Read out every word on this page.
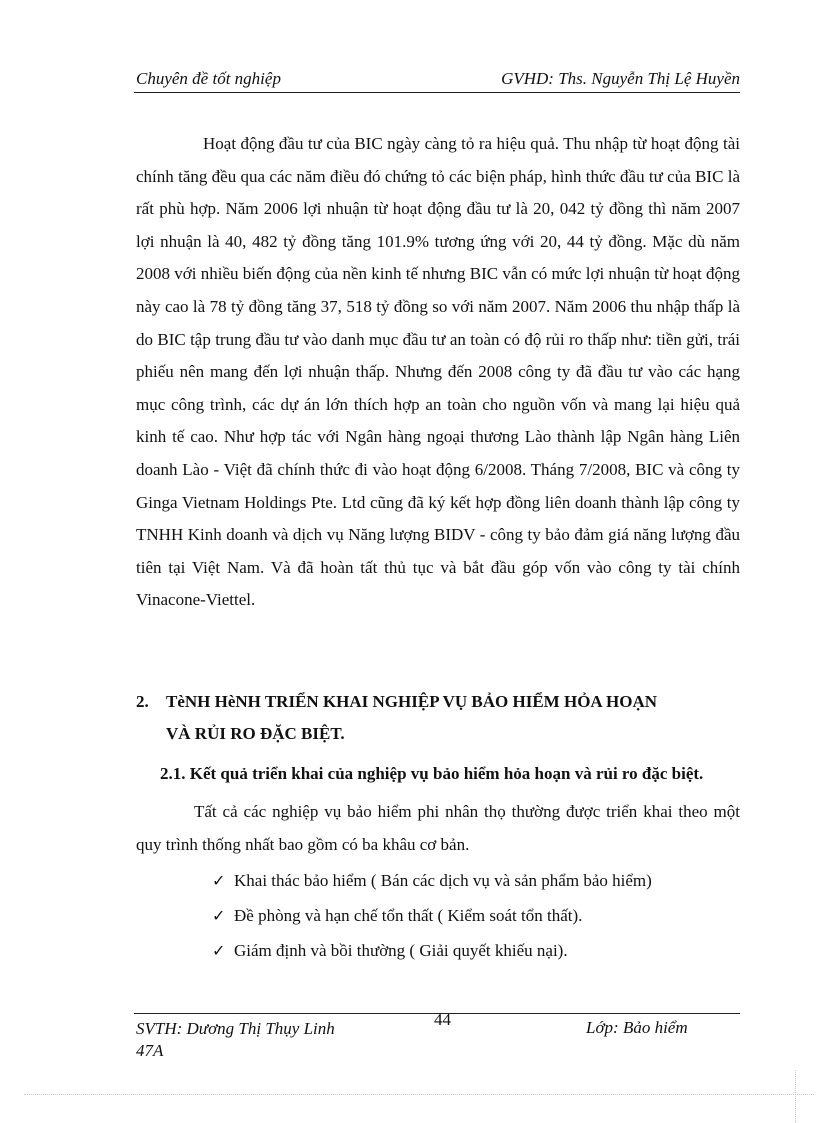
Chuyên đề tốt nghiệp	GVHD: Ths. Nguyễn Thị Lệ Huyền

Hoạt động đầu tư của BIC ngày càng tỏ ra hiệu quả. Thu nhập từ hoạt động tài chính tăng đều qua các năm điều đó chứng tỏ các biện pháp, hình thức đầu tư của BIC là rất phù hợp. Năm 2006 lợi nhuận từ hoạt động đầu tư là 20, 042 tỷ đồng thì năm 2007 lợi nhuận là 40, 482 tỷ đồng tăng 101.9% tương ứng với 20, 44 tỷ đồng. Mặc dù năm 2008 với nhiều biến động của nền kinh tế nhưng BIC vẫn có mức lợi nhuận từ hoạt động này cao là 78 tỷ đồng tăng 37, 518 tỷ đồng so với năm 2007. Năm 2006 thu nhập thấp là do BIC tập trung đầu tư vào danh mục đầu tư an toàn có độ rủi ro thấp như: tiền gửi, trái phiếu nên mang đến lợi nhuận thấp. Nhưng đến 2008 công ty đã đầu tư vào các hạng mục công trình, các dự án lớn thích hợp an toàn cho nguồn vốn và mang lại hiệu quả kinh tế cao. Như hợp tác với Ngân hàng ngoại thương Lào thành lập Ngân hàng Liên doanh Lào - Việt đã chính thức đi vào hoạt động 6/2008. Tháng 7/2008, BIC và công ty Ginga Vietnam Holdings Pte. Ltd cũng đã ký kết hợp đồng liên doanh thành lập công ty TNHH Kinh doanh và dịch vụ Năng lượng BIDV - công ty bảo đảm giá năng lượng đầu tiên tại Việt Nam. Và đã hoàn tất thủ tục và bắt đầu góp vốn vào công ty tài chính Vinacone-Viettel.

2. TèNH HèNH TRIỂN KHAI NGHIỆP VỤ BẢO HIỂM HỎA HOẠN
VÀ RỦI RO ĐẶC BIỆT.

2.1. Kết quả triển khai của nghiệp vụ bảo hiểm hỏa hoạn và rủi ro đặc biệt.

Tất cả các nghiệp vụ bảo hiểm phi nhân thọ thường được triển khai theo một quy trình thống nhất bao gồm có ba khâu cơ bản.

✓ Khai thác bảo hiểm ( Bán các dịch vụ và sản phẩm bảo hiểm)
✓ Đề phòng và hạn chế tổn thất ( Kiểm soát tổn thất).
✓ Giám định và bồi thường ( Giải quyết khiếu nại).
SVTH: Dương Thị Thụy Linh
47A
44	Lớp: Bảo hiểm
